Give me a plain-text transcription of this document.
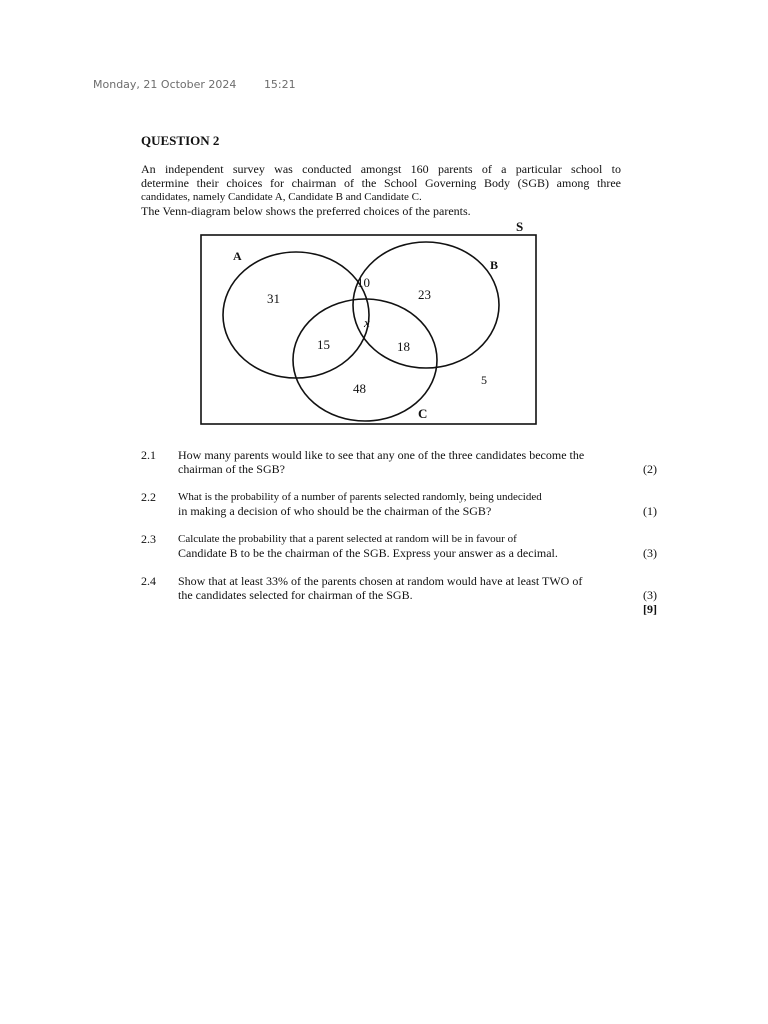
Monday, 21 October 2024	15:21
QUESTION 2

An independent survey was conducted amongst 160 parents of a particular school to

determine their choices for chairman of the School Governing Body (SGB) among three

candidates, namely Candidate A, Candidate B and Candidate C.

The Venn-diagram below shows the preferred choices of the parents.

S
A
B
C
31
10
23
x
15	18
48
5
2.1 How many parents would like to see that any one of the three candidates become the
chairman of the SGB?	(2)
2.2 What is the probability of a number of parents selected randomly, being undecided
in making a decision of who should be the chairman of the SGB?	(1)
2.3 Calculate the probability that a parent selected at random will be in favour of
Candidate B to be the chairman of the SGB. Express your answer as a decimal.	(3)
2.4 Show that at least 33% of the parents chosen at random would have at least TWO of
the candidates selected for chairman of the SGB.	(3)
[9]
